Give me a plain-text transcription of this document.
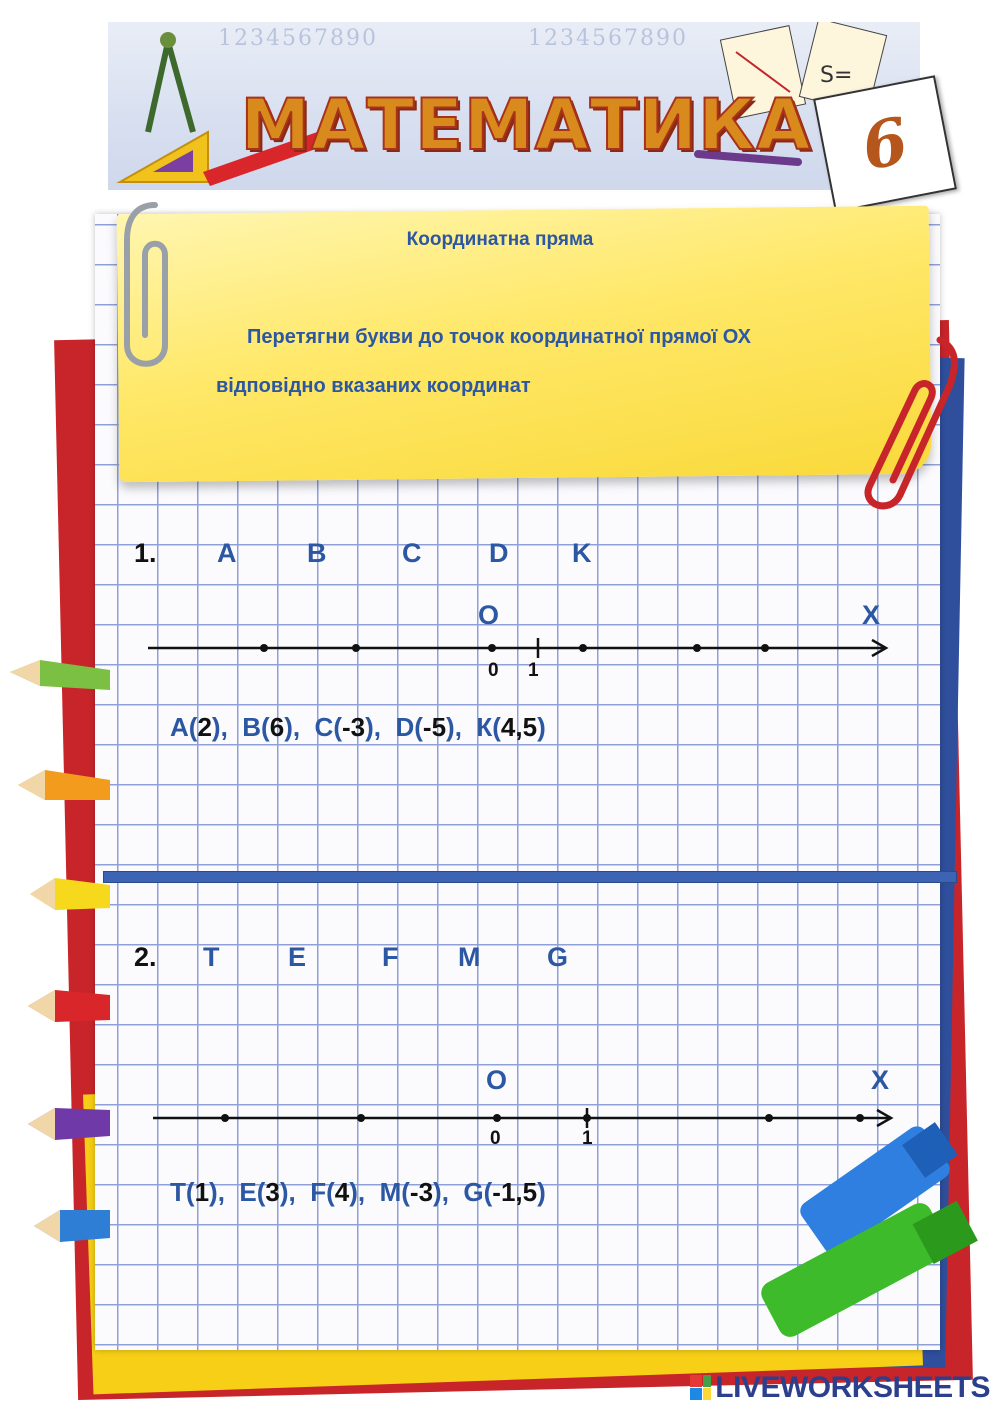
1234567890	1234567890
S=
МАТЕМАТИКА 6
Координатна пряма
Перетягни букви до точок координатної прямої ОХ
відповідно вказаних координат
1. A	B	C	D K
O	X
0 1
A(2),  B(6),  C(-3),  D(-5),  К(4,5)
2. T	E	F M G
O	X
0	1
T(1),  E(3),  F(4),  M(-3),  G(-1,5)
LIVEWORKSHEETS
